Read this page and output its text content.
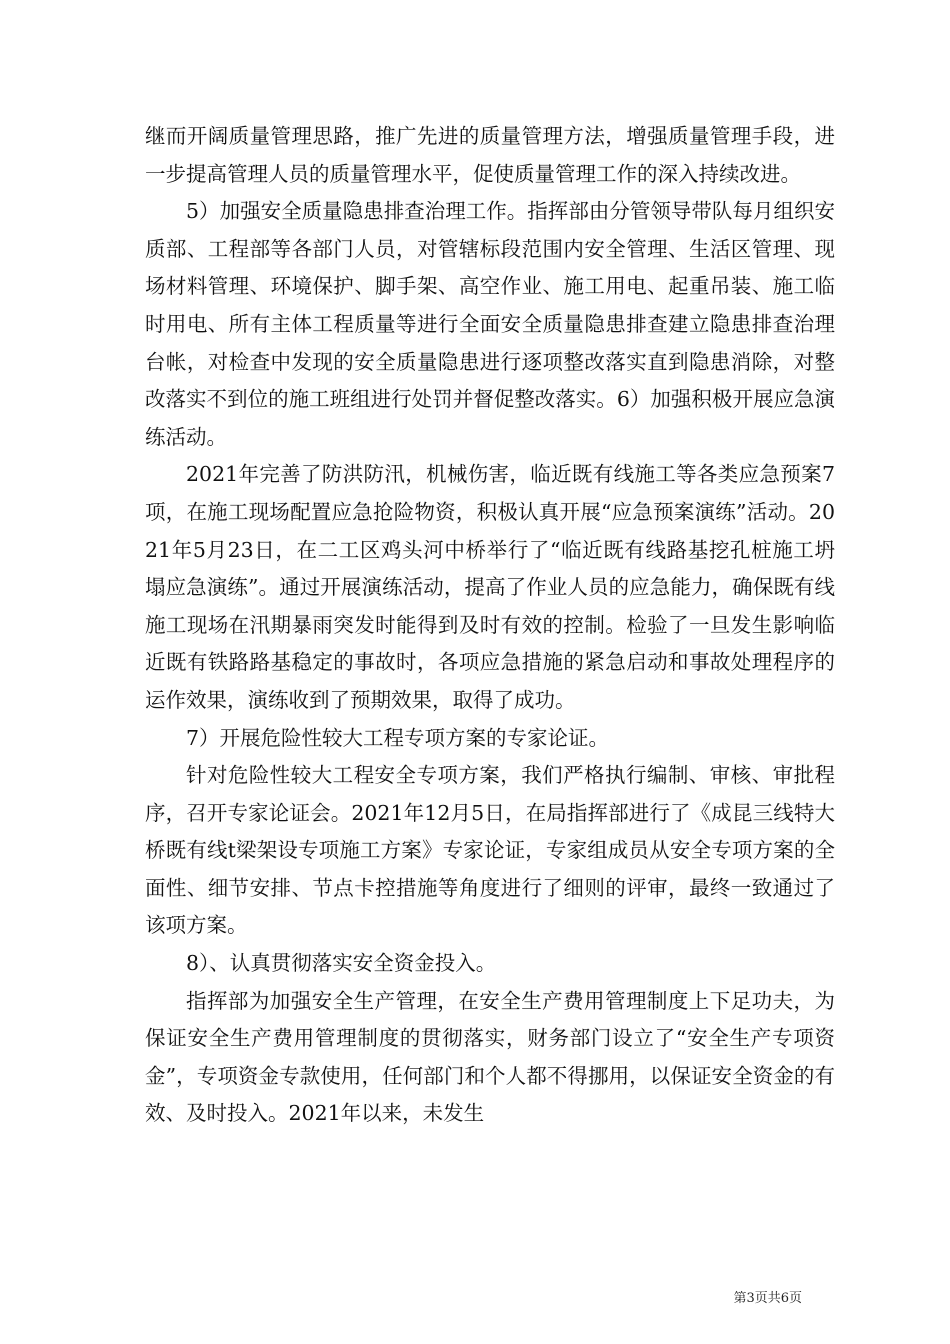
继而开阔质量管理思路，推广先进的质量管理方法，增强质量管理手段，进一步提高管理人员的质量管理水平，促使质量管理工作的深入持续改进。

5）加强安全质量隐患排查治理工作。指挥部由分管领导带队每月组织安质部、工程部等各部门人员，对管辖标段范围内安全管理、生活区管理、现场材料管理、环境保护、脚手架、高空作业、施工用电、起重吊装、施工临时用电、所有主体工程质量等进行全面安全质量隐患排查建立隐患排查治理台帐，对检查中发现的安全质量隐患进行逐项整改落实直到隐患消除，对整改落实不到位的施工班组进行处罚并督促整改落实。6）加强积极开展应急演练活动。

2021年完善了防洪防汛，机械伤害，临近既有线施工等各类应急预案7项，在施工现场配置应急抢险物资，积极认真开展“应急预案演练”活动。2021年5月23日，在二工区鸡头河中桥举行了“临近既有线路基挖孔桩施工坍塌应急演练”。通过开展演练活动，提高了作业人员的应急能力，确保既有线施工现场在汛期暴雨突发时能得到及时有效的控制。检验了一旦发生影响临近既有铁路路基稳定的事故时，各项应急措施的紧急启动和事故处理程序的运作效果，演练收到了预期效果，取得了成功。

7）开展危险性较大工程专项方案的专家论证。

针对危险性较大工程安全专项方案，我们严格执行编制、审核、审批程序，召开专家论证会。2021年12月5日，在局指挥部进行了《成昆三线特大桥既有线t梁架设专项施工方案》专家论证，专家组成员从安全专项方案的全面性、细节安排、节点卡控措施等角度进行了细则的评审，最终一致通过了该项方案。

8）、认真贯彻落实安全资金投入。

指挥部为加强安全生产管理，在安全生产费用管理制度上下足功夫，为保证安全生产费用管理制度的贯彻落实，财务部门设立了“安全生产专项资金”，专项资金专款使用，任何部门和个人都不得挪用，以保证安全资金的有效、及时投入。2021年以来，未发生

第3页共6页
